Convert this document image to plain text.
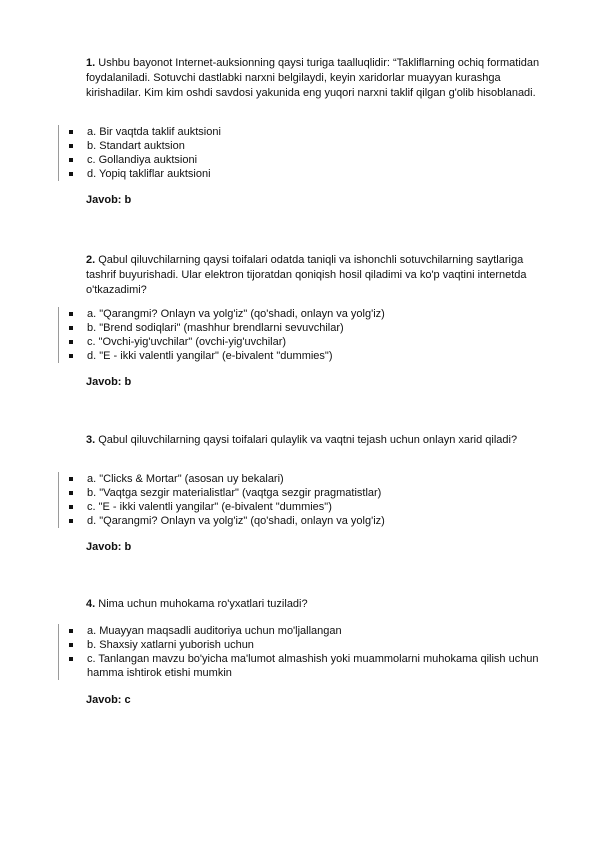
1. Ushbu bayonot Internet-auksionning qaysi turiga taalluqlidir: “Takliflarning ochiq formatidan foydalaniladi. Sotuvchi dastlabki narxni belgilaydi, keyin xaridorlar muayyan kurashga kirishadilar. Kim kim oshdi savdosi yakunida eng yuqori narxni taklif qilgan g'olib hisoblanadi.
a. Bir vaqtda taklif auktsioni
b. Standart auktsion
c. Gollandiya auktsioni
d. Yopiq takliflar auktsioni
Javob: b
2. Qabul qiluvchilarning qaysi toifalari odatda taniqli va ishonchli sotuvchilarning saytlariga tashrif buyurishadi. Ular elektron tijoratdan qoniqish hosil qiladimi va ko'p vaqtini internetda o'tkazadimi?
a. "Qarangmi? Onlayn va yolg'iz" (qo'shadi, onlayn va yolg'iz)
b. "Brend sodiqlari" (mashhur brendlarni sevuvchilar)
c. "Ovchi-yig'uvchilar" (ovchi-yig'uvchilar)
d. "E - ikki valentli yangilar" (e-bivalent "dummies")
Javob: b
3. Qabul qiluvchilarning qaysi toifalari qulaylik va vaqtni tejash uchun onlayn xarid qiladi?
a. "Clicks & Mortar" (asosan uy bekalari)
b. "Vaqtga sezgir materialistlar" (vaqtga sezgir pragmatistlar)
c. "E - ikki valentli yangilar" (e-bivalent "dummies")
d. "Qarangmi? Onlayn va yolg'iz" (qo'shadi, onlayn va yolg'iz)
Javob: b
4. Nima uchun muhokama ro'yxatlari tuziladi?
a. Muayyan maqsadli auditoriya uchun mo'ljallangan
b. Shaxsiy xatlarni yuborish uchun
c. Tanlangan mavzu bo'yicha ma'lumot almashish yoki muammolarni muhokama qilish uchun hamma ishtirok etishi mumkin
Javob: c
